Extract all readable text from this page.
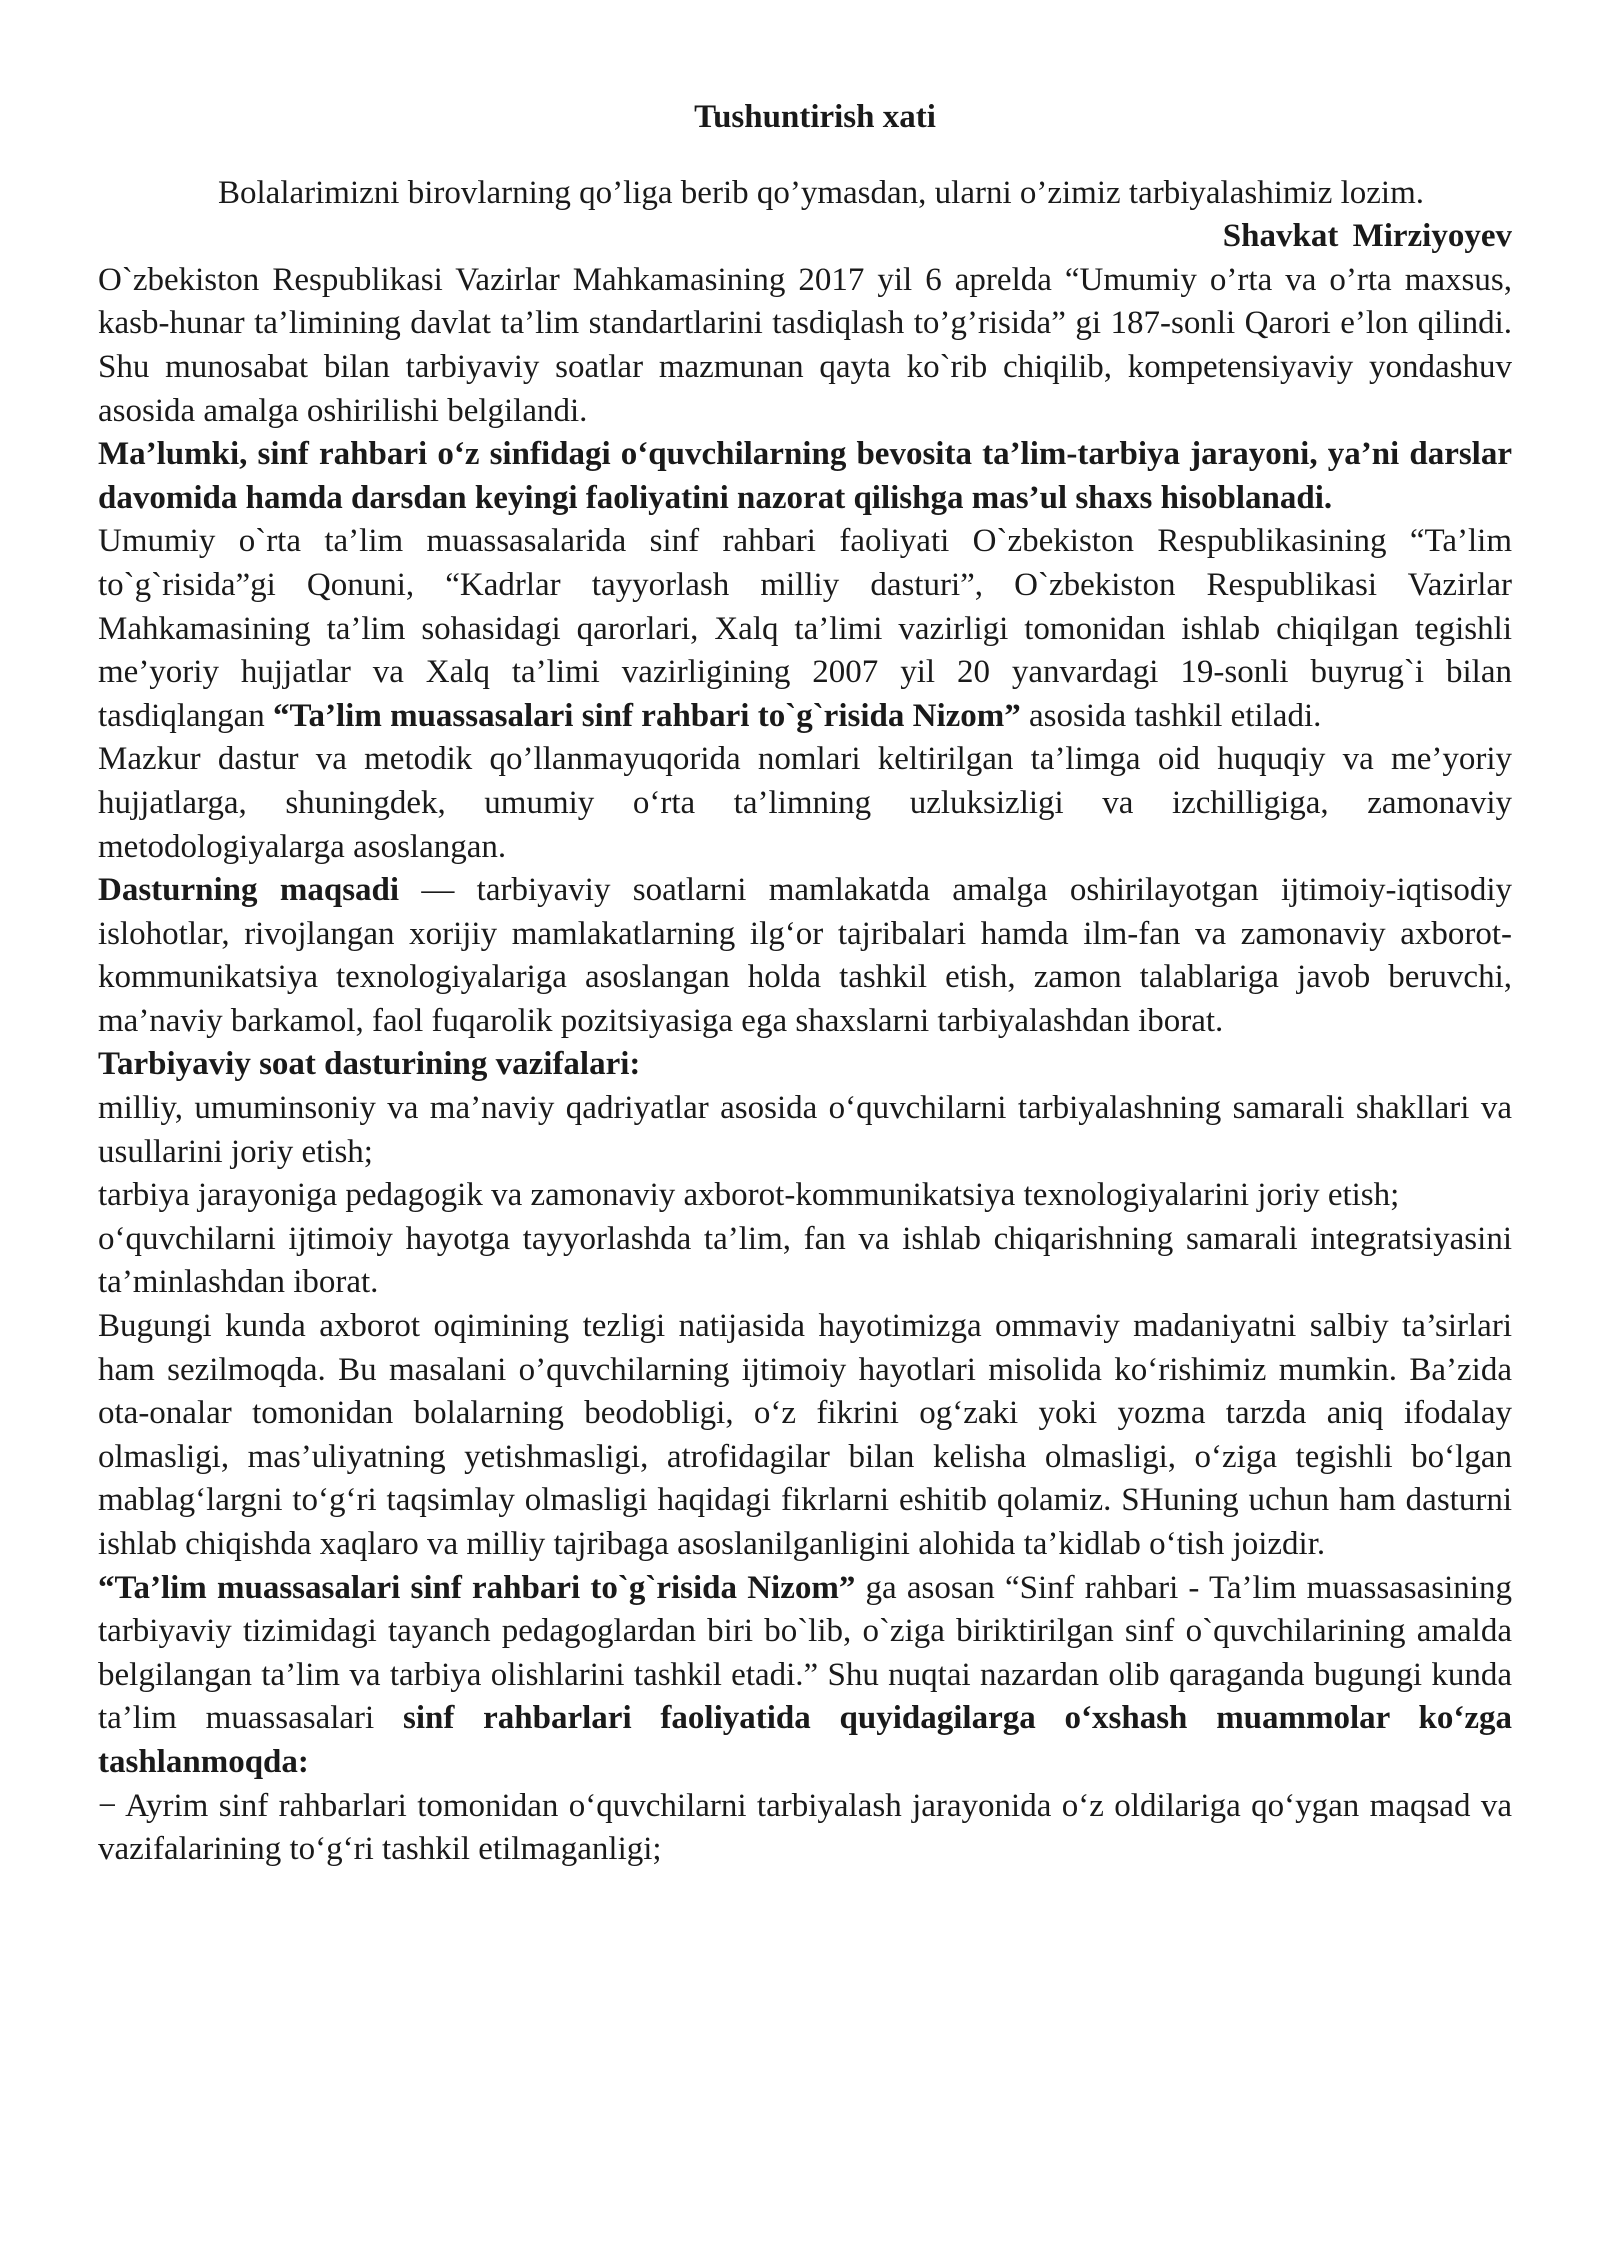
Tushuntirish xati

Bolalarimizni birovlarning qo’liga berib qo’ymasdan, ularni o’zimiz tarbiyalashimiz lozim.

Shavkat Mirziyoyev

O`zbekiston Respublikasi Vazirlar Mahkamasining 2017 yil 6 aprelda “Umumiy o’rta va o’rta maxsus, kasb-hunar ta’limining davlat ta’lim standartlarini tasdiqlash to’g’risida” gi 187-sonli Qarori e’lon qilindi. Shu munosabat bilan tarbiyaviy soatlar mazmunan qayta ko`rib chiqilib, kompetensiyaviy yondashuv asosida amalga oshirilishi belgilandi.

Ma’lumki, sinf rahbari o‘z sinfidagi o‘quvchilarning bevosita ta’lim-tarbiya jarayoni, ya’ni darslar davomida hamda darsdan keyingi faoliyatini nazorat qilishga mas’ul shaxs hisoblanadi.

Umumiy o`rta ta’lim muassasalarida sinf rahbari faoliyati O`zbekiston Respublikasining “Ta’lim to`g`risida”gi Qonuni, “Kadrlar tayyorlash milliy dasturi”, O`zbekiston Respublikasi Vazirlar Mahkamasining ta’lim sohasidagi qarorlari, Xalq ta’limi vazirligi tomonidan ishlab chiqilgan tegishli me’yoriy hujjatlar va Xalq ta’limi vazirligining 2007 yil 20 yanvardagi 19-sonli buyrug`i bilan tasdiqlangan “Ta’lim muassasalari sinf rahbari to`g`risida Nizom” asosida tashkil etiladi.

Mazkur dastur va metodik qo’llanmayuqorida nomlari keltirilgan ta’limga oid huquqiy va me’yoriy hujjatlarga, shuningdek, umumiy o‘rta ta’limning uzluksizligi va izchilligiga, zamonaviy metodologiyalarga asoslangan.

Dasturning maqsadi — tarbiyaviy soatlarni mamlakatda amalga oshirilayotgan ijtimoiy-iqtisodiy islohotlar, rivojlangan xorijiy mamlakatlarning ilg‘or tajribalari hamda ilm-fan va zamonaviy axborot-kommunikatsiya texnologiyalariga asoslangan holda tashkil etish, zamon talablariga javob beruvchi, ma’naviy barkamol, faol fuqarolik pozitsiyasiga ega shaxslarni tarbiyalashdan iborat.

Tarbiyaviy soat dasturining vazifalari:

milliy, umuminsoniy va ma’naviy qadriyatlar asosida o‘quvchilarni tarbiyalashning samarali shakllari va usullarini joriy etish;

tarbiya jarayoniga pedagogik va zamonaviy axborot-kommunikatsiya texnologiyalarini joriy etish;

o‘quvchilarni ijtimoiy hayotga tayyorlashda ta’lim, fan va ishlab chiqarishning samarali integratsiyasini ta’minlashdan iborat.

Bugungi kunda axborot oqimining tezligi natijasida hayotimizga ommaviy madaniyatni salbiy ta’sirlari ham sezilmoqda. Bu masalani o’quvchilarning ijtimoiy hayotlari misolida ko‘rishimiz mumkin. Ba’zida ota-onalar tomonidan bolalarning beodobligi, o‘z fikrini og‘zaki yoki yozma tarzda aniq ifodalay olmasligi, mas’uliyatning yetishmasligi, atrofidagilar bilan kelisha olmasligi, o‘ziga tegishli bo‘lgan mablag‘largni to‘g‘ri taqsimlay olmasligi haqidagi fikrlarni eshitib qolamiz. SHuning uchun ham dasturni ishlab chiqishda xaqlaro va milliy tajribaga asoslanilganligini alohida ta’kidlab o‘tish joizdir.

“Ta’lim muassasalari sinf rahbari to`g`risida Nizom” ga asosan “Sinf rahbari - Ta’lim muassasasining tarbiyaviy tizimidagi tayanch pedagoglardan biri bo`lib, o`ziga biriktirilgan sinf o`quvchilarining amalda belgilangan ta’lim va tarbiya olishlarini tashkil etadi.” Shu nuqtai nazardan olib qaraganda bugungi kunda ta’lim muassasalari sinf rahbarlari faoliyatida quyidagilarga o‘xshash muammolar ko‘zga tashlanmoqda:

− Ayrim sinf rahbarlari tomonidan o‘quvchilarni tarbiyalash jarayonida o‘z oldilariga qo‘ygan maqsad va vazifalarining to‘g‘ri tashkil etilmaganligi;
